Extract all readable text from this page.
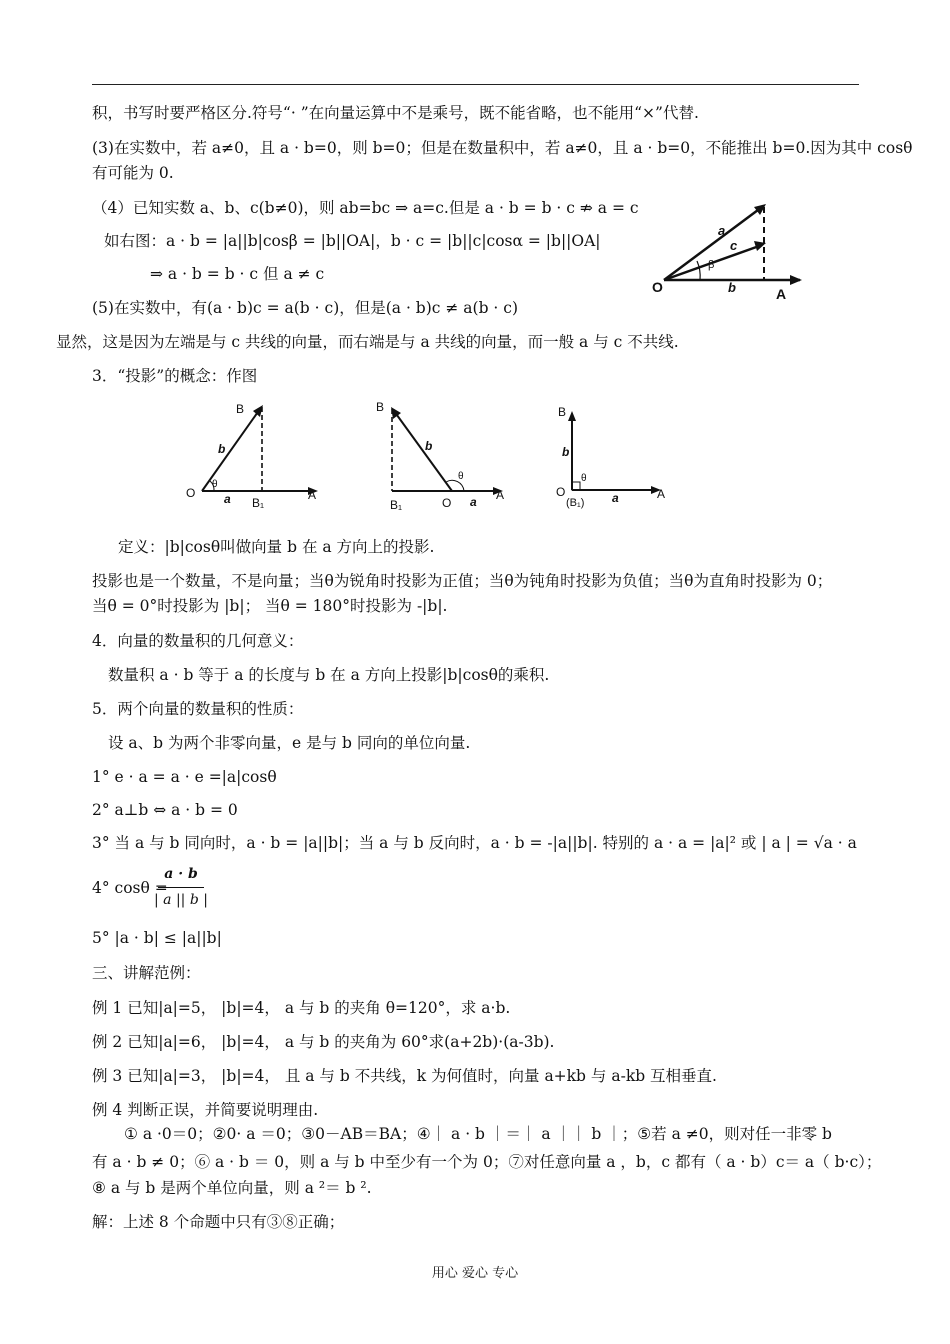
积，书写时要严格区分.符号“· ”在向量运算中不是乘号，既不能省略，也不能用“×”代替.
(3)在实数中，若 a≠0，且 a · b=0，则 b=0；但是在数量积中，若 a≠0，且 a · b=0，不能推出 b=0.因为其中 cosθ
有可能为 0.
（4）已知实数 a、b、c(b≠0)，则 ab=bc ⇒ a=c.但是 a · b = b · c ⇏ a = c
如右图：a · b = |a||b|cosβ = |b||OA|，b · c = |b||c|cosα = |b||OA|
⇒ a · b = b · c 但 a ≠ c
(5)在实数中，有(a · b)c = a(b · c)，但是(a · b)c ≠ a(b · c)
显然，这是因为左端是与 c 共线的向量，而右端是与 a 共线的向量，而一般 a 与 c 不共线.
3．“投影”的概念：作图
O	A
a
c
b
β
B
b
O
θ
a B₁
A
B
b
θ
B₁	O a A
B
b
θ
O
(B₁) a	A
定义：|b|cosθ叫做向量 b 在 a 方向上的投影.
投影也是一个数量，不是向量；当θ为锐角时投影为正值；当θ为钝角时投影为负值；当θ为直角时投影为 0；
当θ = 0°时投影为 |b|； 当θ = 180°时投影为 -|b|.
4．向量的数量积的几何意义：
数量积 a · b 等于 a 的长度与 b 在 a 方向上投影|b|cosθ的乘积.
5．两个向量的数量积的性质：
设 a、b 为两个非零向量，e 是与 b 同向的单位向量.
1° e · a = a · e =|a|cosθ
2° a⊥b ⇔ a · b = 0
3° 当 a 与 b 同向时，a · b = |a||b|；当 a 与 b 反向时，a · b = -|a||b|. 特别的 a · a = |a|² 或 | a | = √a · a
4° cosθ =
a · b
| a || b |
5° |a · b| ≤ |a||b|
三、讲解范例：
例 1 已知|a|=5， |b|=4， a 与 b 的夹角 θ=120°，求 a·b.
例 2 已知|a|=6， |b|=4， a 与 b 的夹角为 60°求(a+2b)·(a-3b).
例 3 已知|a|=3， |b|=4， 且 a 与 b 不共线，k 为何值时，向量 a+kb 与 a-kb 互相垂直.
例 4 判断正误，并简要说明理由.
① a ·0＝0；②0· a ＝0；③0－AB＝BA；④｜ a · b ｜＝｜ a ｜｜ b ｜；⑤若 a ≠0，则对任一非零 b
有 a · b ≠ 0；⑥ a · b ＝ 0，则 a 与 b 中至少有一个为 0；⑦对任意向量 a ，b，c 都有（ a · b）c＝ a（ b·c）；
⑧ a 与 b 是两个单位向量，则 a ²＝ b ².
解：上述 8 个命题中只有③⑧正确；
用心 爱心 专心
